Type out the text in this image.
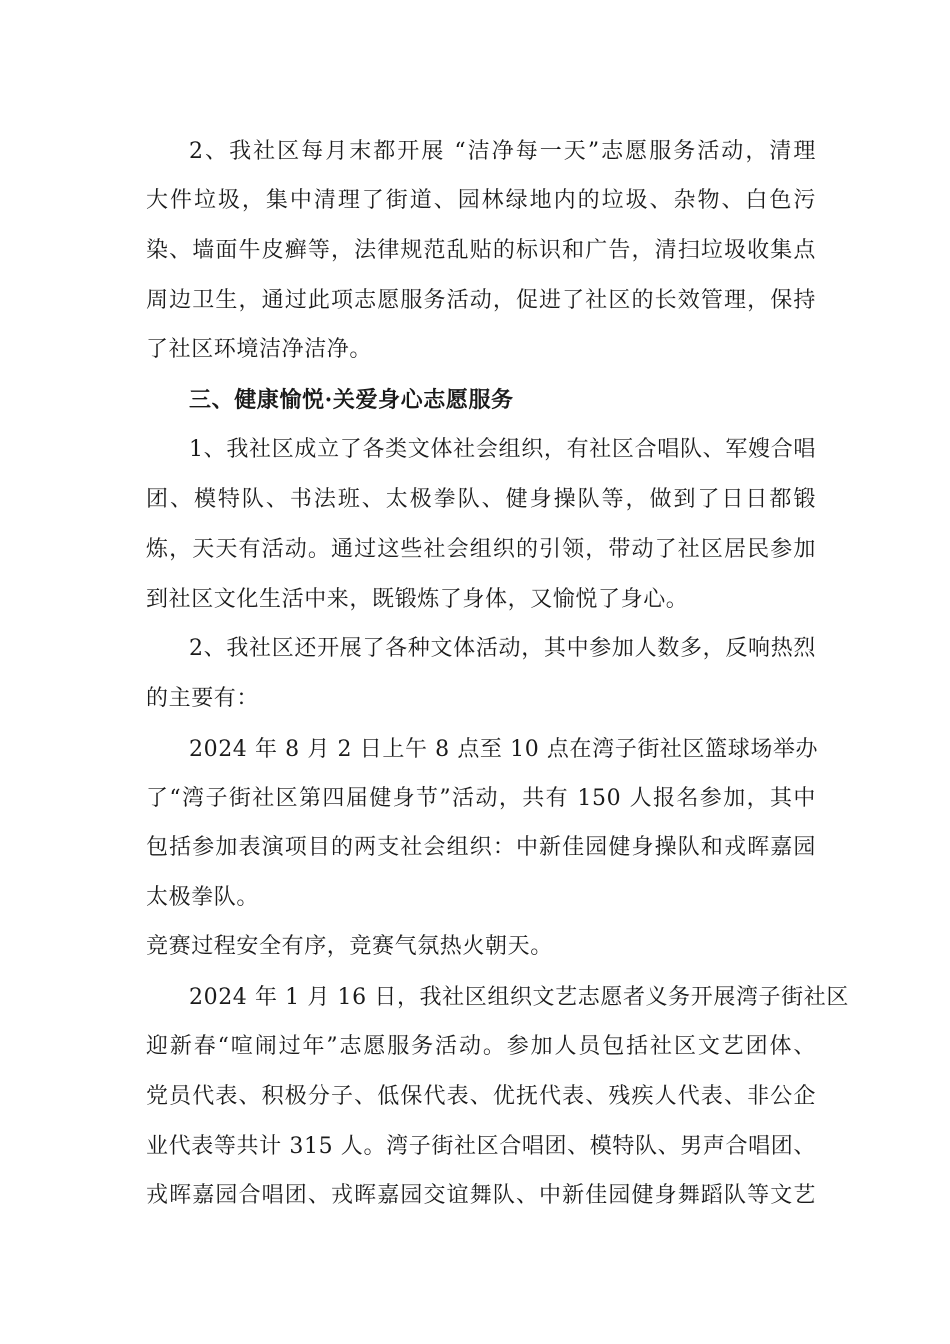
2、我社区每月末都开展 “洁净每一天”志愿服务活动，清理
大件垃圾，集中清理了街道、园林绿地内的垃圾、杂物、白色污
染、墙面牛皮癣等，法律规范乱贴的标识和广告，清扫垃圾收集点
周边卫生，通过此项志愿服务活动，促进了社区的长效管理，保持
了社区环境洁净洁净。
三、健康愉悦·关爱身心志愿服务
1、我社区成立了各类文体社会组织，有社区合唱队、军嫂合唱
团、模特队、书法班、太极拳队、健身操队等，做到了日日都锻
炼，天天有活动。通过这些社会组织的引领，带动了社区居民参加
到社区文化生活中来，既锻炼了身体，又愉悦了身心。
2、我社区还开展了各种文体活动，其中参加人数多，反响热烈
的主要有：
2024 年 8 月 2 日上午 8 点至 10 点在湾子街社区篮球场举办
了“湾子街社区第四届健身节”活动，共有 150 人报名参加，其中
包括参加表演项目的两支社会组织：中新佳园健身操队和戎晖嘉园
太极拳队。
竞赛过程安全有序，竞赛气氛热火朝天。
2024 年 1 月 16 日，我社区组织文艺志愿者义务开展湾子街社区
迎新春“喧闹过年”志愿服务活动。参加人员包括社区文艺团体、
党员代表、积极分子、低保代表、优抚代表、残疾人代表、非公企
业代表等共计 315 人。湾子街社区合唱团、模特队、男声合唱团、
戎晖嘉园合唱团、戎晖嘉园交谊舞队、中新佳园健身舞蹈队等文艺
